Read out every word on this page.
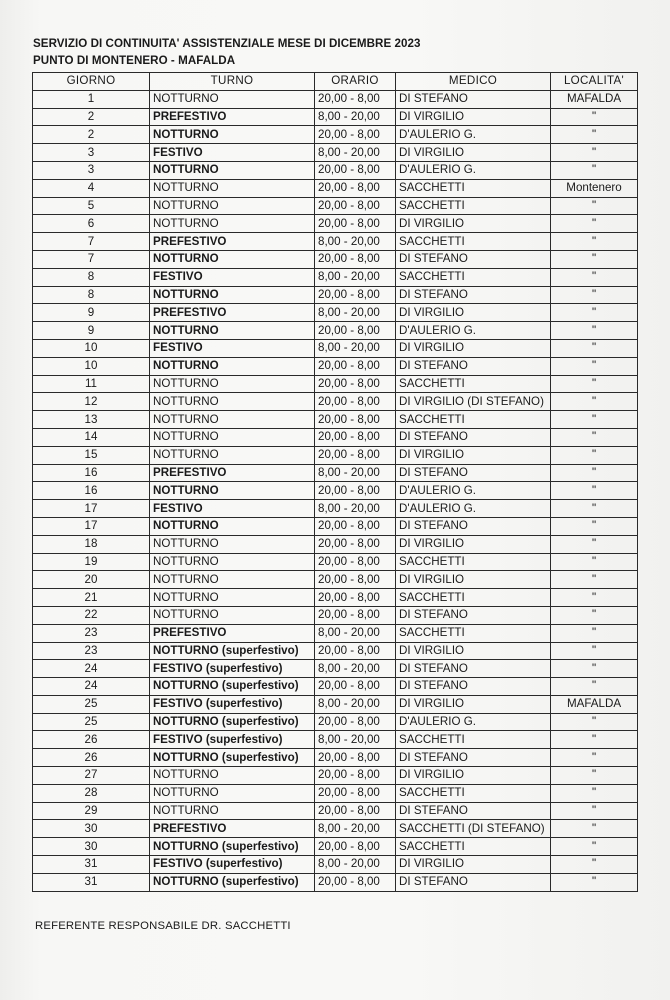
SERVIZIO DI CONTINUITA' ASSISTENZIALE MESE DI DICEMBRE 2023
PUNTO DI MONTENERO - MAFALDA
GIORNO	TURNO	ORARIO	MEDICO	LOCALITA'
1	NOTTURNO	20,00 - 8,00	DI STEFANO	MAFALDA
2	PREFESTIVO	8,00 - 20,00	DI VIRGILIO	"
2	NOTTURNO	20,00 - 8,00	D'AULERIO G.	"
3	FESTIVO	8,00 - 20,00	DI VIRGILIO	"
3	NOTTURNO	20,00 - 8,00	D'AULERIO G.	"
4	NOTTURNO	20,00 - 8,00	SACCHETTI	Montenero
5	NOTTURNO	20,00 - 8,00	SACCHETTI	"
6	NOTTURNO	20,00 - 8,00	DI VIRGILIO	"
7	PREFESTIVO	8,00 - 20,00	SACCHETTI	"
7	NOTTURNO	20,00 - 8,00	DI STEFANO	"
8	FESTIVO	8,00 - 20,00	SACCHETTI	"
8	NOTTURNO	20,00 - 8,00	DI STEFANO	"
9	PREFESTIVO	8,00 - 20,00	DI VIRGILIO	"
9	NOTTURNO	20,00 - 8,00	D'AULERIO G.	"
10	FESTIVO	8,00 - 20,00	DI VIRGILIO	"
10	NOTTURNO	20,00 - 8,00	DI STEFANO	"
11	NOTTURNO	20,00 - 8,00	SACCHETTI	"
12	NOTTURNO	20,00 - 8,00	DI VIRGILIO (DI STEFANO)	"
13	NOTTURNO	20,00 - 8,00	SACCHETTI	"
14	NOTTURNO	20,00 - 8,00	DI STEFANO	"
15	NOTTURNO	20,00 - 8,00	DI VIRGILIO	"
16	PREFESTIVO	8,00 - 20,00	DI STEFANO	"
16	NOTTURNO	20,00 - 8,00	D'AULERIO G.	"
17	FESTIVO	8,00 - 20,00	D'AULERIO G.	"
17	NOTTURNO	20,00 - 8,00	DI STEFANO	"
18	NOTTURNO	20,00 - 8,00	DI VIRGILIO	"
19	NOTTURNO	20,00 - 8,00	SACCHETTI	"
20	NOTTURNO	20,00 - 8,00	DI VIRGILIO	"
21	NOTTURNO	20,00 - 8,00	SACCHETTI	"
22	NOTTURNO	20,00 - 8,00	DI STEFANO	"
23	PREFESTIVO	8,00 - 20,00	SACCHETTI	"
23	NOTTURNO (superfestivo)	20,00 - 8,00	DI VIRGILIO	"
24	FESTIVO (superfestivo)	8,00 - 20,00	DI STEFANO	"
24	NOTTURNO (superfestivo)	20,00 - 8,00	DI STEFANO	"
25	FESTIVO (superfestivo)	8,00 - 20,00	DI VIRGILIO	MAFALDA
25	NOTTURNO (superfestivo)	20,00 - 8,00	D'AULERIO G.	"
26	FESTIVO (superfestivo)	8,00 - 20,00	SACCHETTI	"
26	NOTTURNO (superfestivo)	20,00 - 8,00	DI STEFANO	"
27	NOTTURNO	20,00 - 8,00	DI VIRGILIO	"
28	NOTTURNO	20,00 - 8,00	SACCHETTI	"
29	NOTTURNO	20,00 - 8,00	DI STEFANO	"
30	PREFESTIVO	8,00 - 20,00	SACCHETTI (DI STEFANO)	"
30	NOTTURNO (superfestivo)	20,00 - 8,00	SACCHETTI	"
31	FESTIVO (superfestivo)	8,00 - 20,00	DI VIRGILIO	"
31	NOTTURNO (superfestivo)	20,00 - 8,00	DI STEFANO	"
REFERENTE RESPONSABILE DR. SACCHETTI
